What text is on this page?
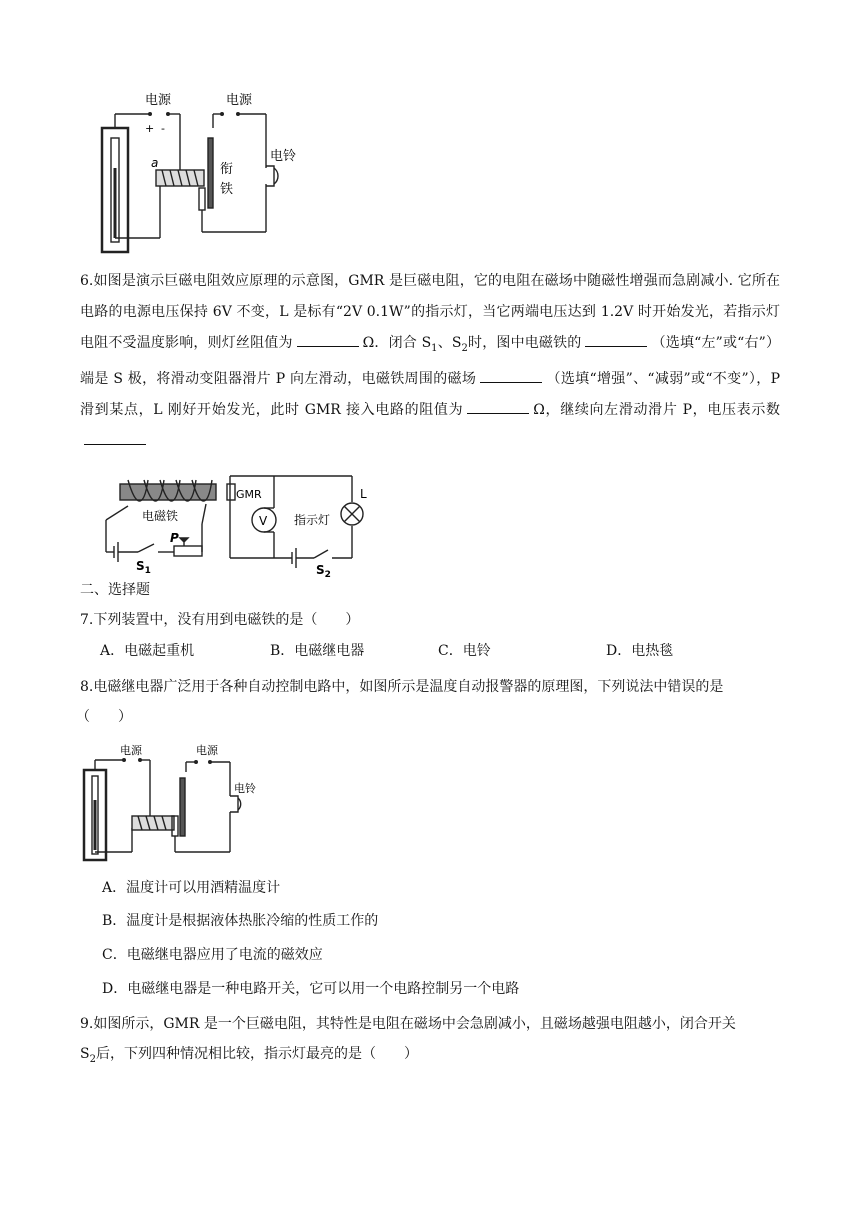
电源
+ -
电源
a	衔
铁
电铃

6.如图是演示巨磁电阻效应原理的示意图，GMR 是巨磁电阻，它的电阻在磁场中随磁性增强而急剧减小. 它所在电路的电源电压保持 6V 不变，L 是标有“2V 0.1W”的指示灯，当它两端电压达到 1.2V 时开始发光，若指示灯电阻不受温度影响，则灯丝阻值为	Ω．闭合 $S_1$、$S_2$时，图中电磁铁的	（选填“左”或“右”）端是 S 极，将滑动变阻器滑片 P 向左滑动，电磁铁周围的磁场	（选填“增强”、“减弱”或“不变”），P 滑到某点，L 刚好开始发光，此时 GMR 接入电路的阻值为	Ω，继续向左滑动滑片 P，电压表示数

电磁铁
GMR
V
L
指示灯
P
$S_1$	$S_2$
二、选择题
7.下列装置中，没有用到电磁铁的是（　　）
A．电磁起重机	B．电磁继电器	C．电铃	D．电热毯
8.电磁继电器广泛用于各种自动控制电路中，如图所示是温度自动报警器的原理图，下列说法中错误的是
（　　）
电源	电源
电铃
A．温度计可以用酒精温度计
B．温度计是根据液体热胀冷缩的性质工作的
C．电磁继电器应用了电流的磁效应
D．电磁继电器是一种电路开关，它可以用一个电路控制另一个电路
9.如图所示，GMR 是一个巨磁电阻，其特性是电阻在磁场中会急剧减小，且磁场越强电阻越小，闭合开关
$S_2$后，下列四种情况相比较，指示灯最亮的是（　　）
